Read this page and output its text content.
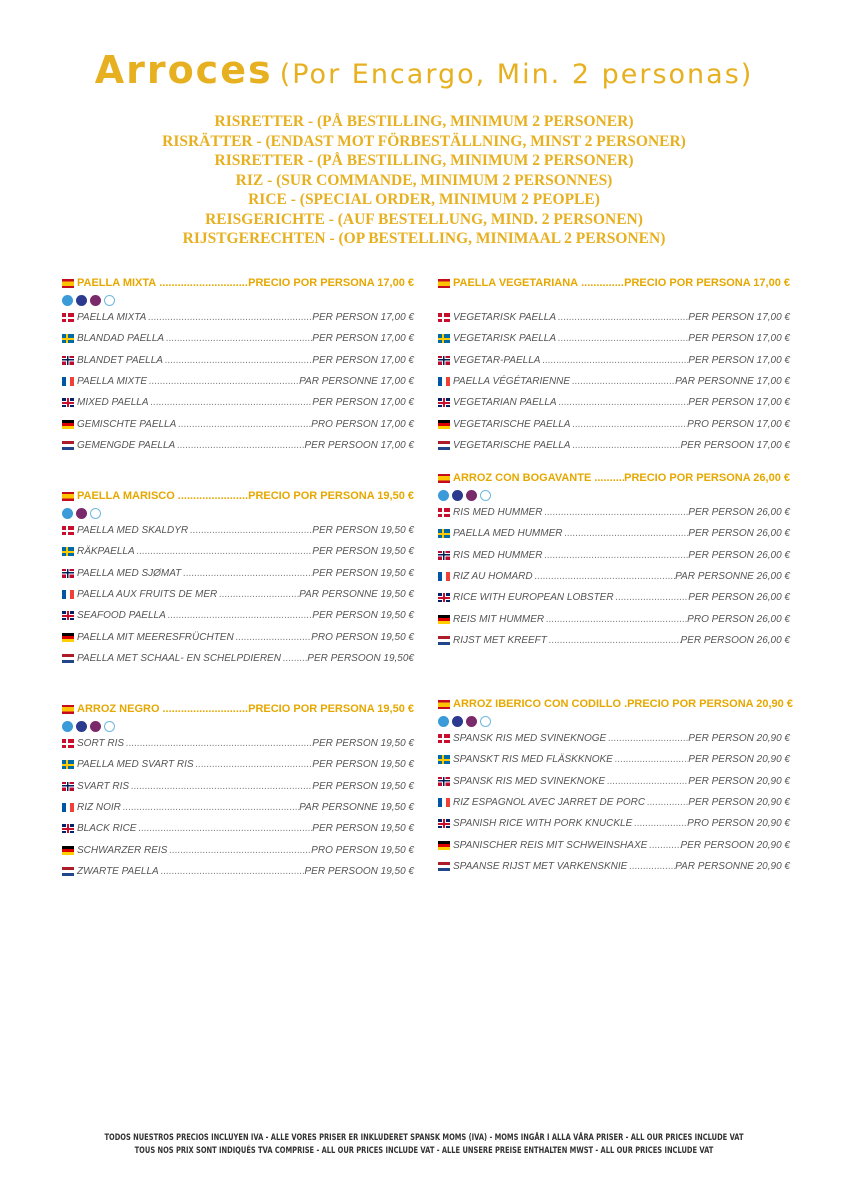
Arroces (Por Encargo, Min. 2 personas)
RISRETTER - (PÅ BESTILLING, MINIMUM 2 PERSONER)
RISRÄTTER - (ENDAST MOT FÖRBESTÄLLNING, MINST 2 PERSONER)
RISRETTER - (PÅ BESTILLING, MINIMUM 2 PERSONER)
RIZ - (SUR COMMANDE, MINIMUM 2 PERSONNES)
RICE - (SPECIAL ORDER, MINIMUM 2 PEOPLE)
REISGERICHTE - (AUF BESTELLUNG, MIND. 2 PERSONEN)
RIJSTGERECHTEN - (OP BESTELLING, MINIMAAL 2 PERSONEN)
PAELLA MIXTA .....	PRECIO POR PERSONA 17,00 €
PAELLA MIXTA .....	PER PERSON 17,00 €
BLANDAD PAELLA .....	PER PERSON 17,00 €
BLANDET PAELLA .....	PER PERSON 17,00 €
PAELLA MIXTE .....	PAR PERSONNE 17,00 €
MIXED PAELLA .....	PER PERSON 17,00 €
GEMISCHTE PAELLA .....	PRO PERSON 17,00 €
GEMENGDE PAELLA .....	PER PERSOON 17,00 €
PAELLA VEGETARIANA .....	PRECIO POR PERSONA 17,00 €
VEGETARISK PAELLA .....	PER PERSON 17,00 €
VEGETARISK PAELLA .....	PER PERSON 17,00 €
VEGETAR-PAELLA .....	PER PERSON 17,00 €
PAELLA VÉGÉTARIENNE .....	PAR PERSONNE 17,00 €
VEGETARIAN PAELLA .....	PER PERSON 17,00 €
VEGETARISCHE PAELLA .....	PRO PERSON 17,00 €
VEGETARISCHE PAELLA .....	PER PERSOON 17,00 €
PAELLA MARISCO .....	PRECIO POR PERSONA 19,50 €
PAELLA MED SKALDYR .....	PER PERSON 19,50 €
RÄKPAELLA .....	PER PERSON 19,50 €
PAELLA MED SJØMAT .....	PER PERSON 19,50 €
PAELLA AUX FRUITS DE MER .....	PAR PERSONNE 19,50 €
SEAFOOD PAELLA .....	PER PERSON 19,50 €
PAELLA MIT MEERESFRÜCHTEN .....	PRO PERSON 19,50 €
PAELLA MET SCHAAL- EN SCHELPDIEREN .....	PER PERSOON 19,50€
ARROZ CON BOGAVANTE .....	PRECIO POR PERSONA 26,00 €
RIS MED HUMMER .....	PER PERSON 26,00 €
PAELLA MED HUMMER .....	PER PERSON 26,00 €
RIS MED HUMMER .....	PER PERSON 26,00 €
RIZ AU HOMARD .....	PAR PERSONNE 26,00 €
RICE WITH EUROPEAN LOBSTER .....	PER PERSON 26,00 €
REIS MIT HUMMER .....	PRO PERSON 26,00 €
RIJST MET KREEFT .....	PER PERSOON 26,00 €
ARROZ NEGRO .....	PRECIO POR PERSONA 19,50 €
SORT RIS .....	PER PERSON 19,50 €
PAELLA MED SVART RIS .....	PER PERSON 19,50 €
SVART RIS .....	PER PERSON 19,50 €
RIZ NOIR .....	PAR PERSONNE 19,50 €
BLACK RICE .....	PER PERSON 19,50 €
SCHWARZER REIS .....	PRO PERSON 19,50 €
ZWARTE PAELLA .....	PER PERSOON 19,50 €
ARROZ IBERICO CON CODILLO ..... PRECIO POR PERSONA 20,90 €
SPANSK RIS MED SVINEKNOGE .....	PER PERSON 20,90 €
SPANSKT RIS MED FLÄSKKNOKE .....	PER PERSON 20,90 €
SPANSK RIS MED SVINEKNOKE .....	PER PERSON 20,90 €
RIZ ESPAGNOL AVEC JARRET DE PORC .....	PER PERSON 20,90 €
SPANISH RICE WITH PORK KNUCKLE .....	PRO PERSON 20,90 €
SPANISCHER REIS MIT SCHWEINSHAXE .....	PER PERSOON 20,90 €
SPAANSE RIJST MET VARKENSKNIE .....	PAR PERSONNE 20,90 €
TODOS NUESTROS PRECIOS INCLUYEN IVA - ALLE VORES PRISER ER INKLUDERET SPANSK MOMS (IVA) - MOMS INGÅR I ALLA VÅRA PRISER - ALL OUR PRICES INCLUDE VAT
TOUS NOS PRIX SONT INDIQUÉS TVA COMPRISE - ALL OUR PRICES INCLUDE VAT - ALLE UNSERE PREISE ENTHALTEN MWST - ALL OUR PRICES INCLUDE VAT
